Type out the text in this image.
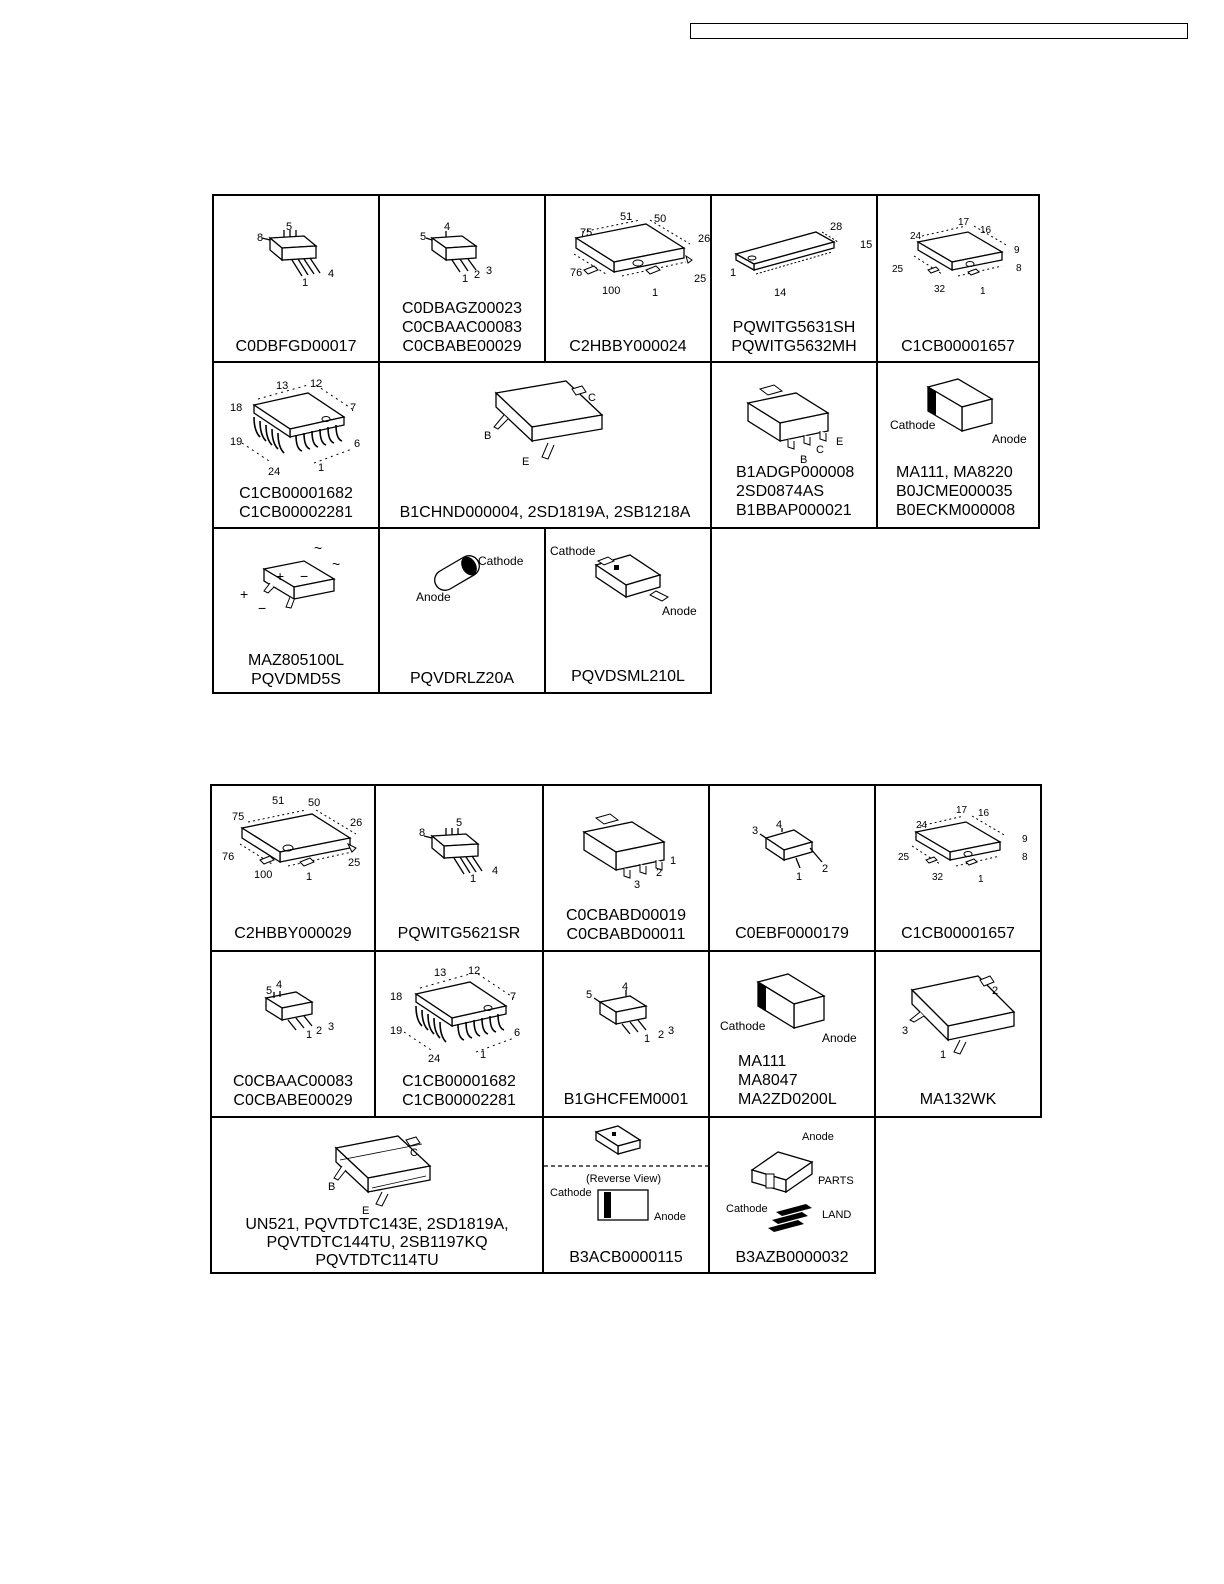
8
5
1
4
C0DBFGD00017
5
4
1 2 3
C0DBAGZ00023
C0CBAAC00083
C0CBABE00029
51 50
75	26
76	25
100	1
C2HBBY000024
28
15
1
14
PQWITG5631SH
PQWITG5632MH
17
16
24
9
25	8
32	1
C1CB00001657
13 12
18	7
19	6
24	1
C1CB00001682
C1CB00002281
C
B
E
B1CHND000004, 2SD1819A, 2SB1218A
B
C
E
B1ADGP000008
2SD0874AS
B1BBAP000021
Cathode
Anode
MA111, MA8220
B0JCME000035
B0ECKM000008
+ −
~
~
+
−
MAZ805100L
PQVDMD5S
Cathode
Anode
PQVDRLZ20A
Cathode
Anode
PQVDSML210L
51 50
75	26
76	25
100	1
C2HBBY000029
8
5
1
4
PQWITG5621SR
3
2
1
C0CBABD00019
C0CBABD00011
3 4
1
2
C0EBF0000179
17 16
24
9
25	8
32	1
C1CB00001657
5 4
1 2 3
C0CBAAC00083
C0CBABE00029
13 12
18	7
19	6
24	1
C1CB00001682
C1CB00002281
5
4
1 2 3
B1GHCFEM0001
Cathode
Anode
MA111
MA8047
MA2ZD0200L
2
3
1
MA132WK
C
B
E
UN521, PQVTDTC143E, 2SD1819A,
PQVTDTC144TU, 2SB1197KQ
PQVTDTC114TU
(Reverse View)
Cathode
Anode
B3ACB0000115
Anode
PARTS
Cathode	LAND
B3AZB0000032
